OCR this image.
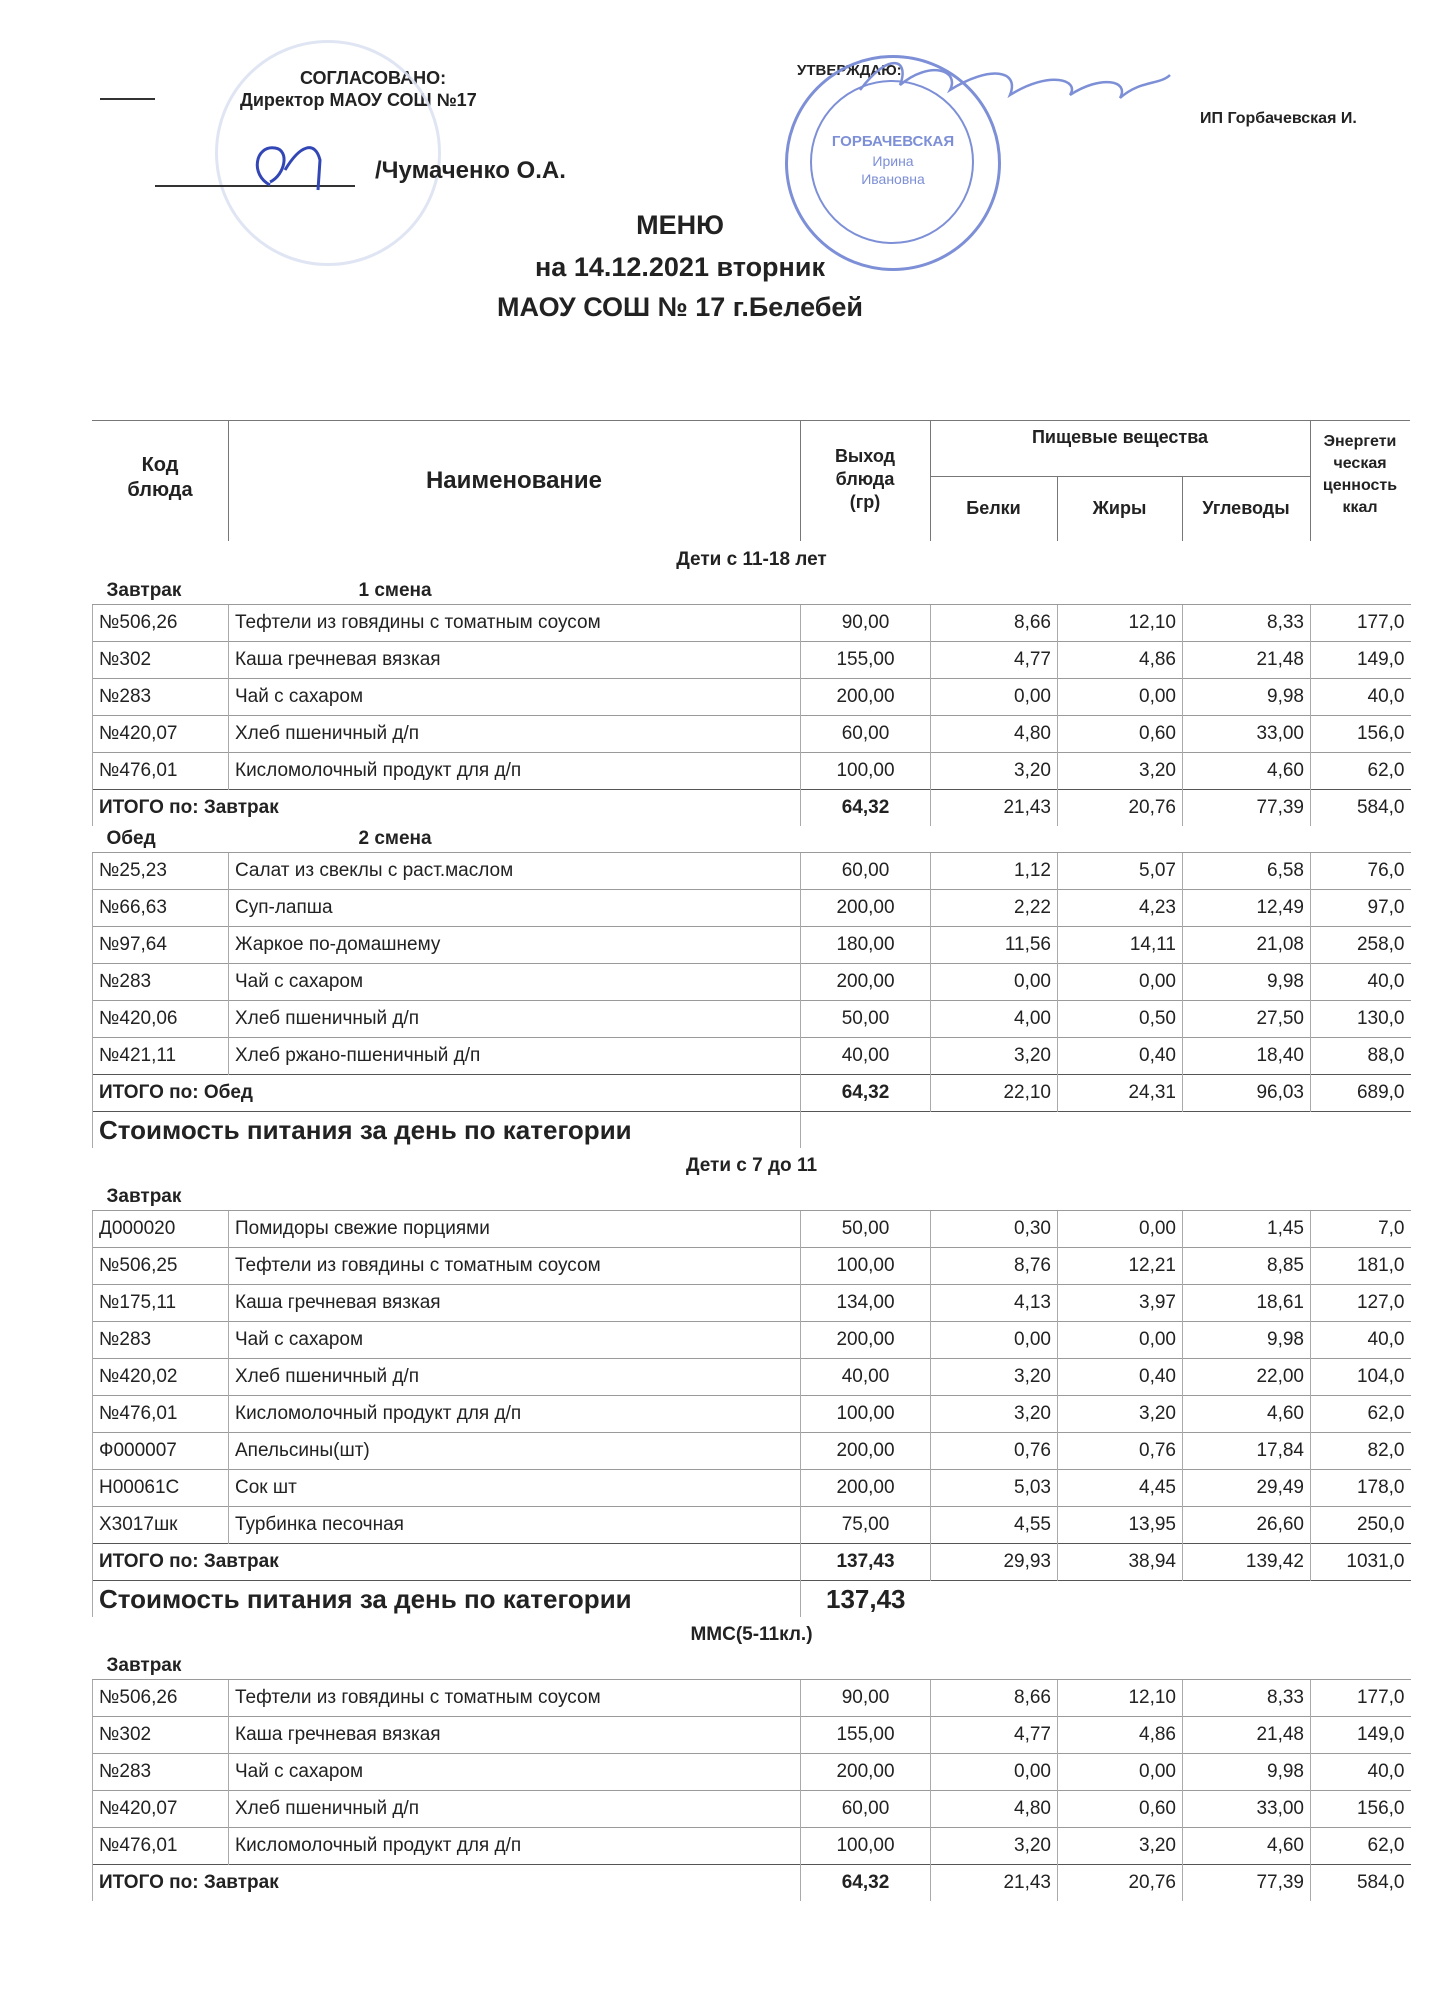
СОГЛАСОВАНО:
Директор МАОУ СОШ №17
/Чумаченко О.А.
УТВЕРЖДАЮ:
ИП Горбачевская И.
ГОРБАЧЕВСКАЯ
Ирина
Ивановна
МЕНЮ
на 14.12.2021 вторник
МАОУ СОШ № 17 г.Белебей
Код
блюда	Наименование
Выход
блюда
(гр)
Пищевые вещества
Белки	Жиры	Углеводы
Энергети
ческая
ценность
ккал
Дети с 11-18 лет						
Завтрак	1 смена					
№506,26	Тефтели из говядины с томатным соусом	90,00	8,66	12,10	8,33	177,0
№302	Каша гречневая вязкая	155,00	4,77	4,86	21,48	149,0
№283	Чай с сахаром	200,00	0,00	0,00	9,98	40,0
№420,07	Хлеб пшеничный д/п	60,00	4,80	0,60	33,00	156,0
№476,01	Кисломолочный продукт для д/п	100,00	3,20	3,20	4,60	62,0
ИТОГО по: Завтрак		64,32	21,43	20,76	77,39	584,0
Обед	2 смена					
№25,23	Салат из свеклы с раст.маслом	60,00	1,12	5,07	6,58	76,0
№66,63	Суп-лапша	200,00	2,22	4,23	12,49	97,0
№97,64	Жаркое по-домашнему	180,00	11,56	14,11	21,08	258,0
№283	Чай с сахаром	200,00	0,00	0,00	9,98	40,0
№420,06	Хлеб пшеничный д/п	50,00	4,00	0,50	27,50	130,0
№421,11	Хлеб ржано-пшеничный д/п	40,00	3,20	0,40	18,40	88,0
ИТОГО по: Обед		64,32	22,10	24,31	96,03	689,0
Стоимость питания за день по категории						
Дети с 7 до 11						
Завтрак						
Д000020	Помидоры свежие порциями	50,00	0,30	0,00	1,45	7,0
№506,25	Тефтели из говядины с томатным соусом	100,00	8,76	12,21	8,85	181,0
№175,11	Каша гречневая вязкая	134,00	4,13	3,97	18,61	127,0
№283	Чай с сахаром	200,00	0,00	0,00	9,98	40,0
№420,02	Хлеб пшеничный д/п	40,00	3,20	0,40	22,00	104,0
№476,01	Кисломолочный продукт для д/п	100,00	3,20	3,20	4,60	62,0
Ф000007	Апельсины(шт)	200,00	0,76	0,76	17,84	82,0
Н00061С	Сок шт	200,00	5,03	4,45	29,49	178,0
Х3017шк	Турбинка песочная	75,00	4,55	13,95	26,60	250,0
ИТОГО по: Завтрак		137,43	29,93	38,94	139,42	1031,0
Стоимость питания за день по категории		137,43				
ММС(5-11кл.)						
Завтрак						
№506,26	Тефтели из говядины с томатным соусом	90,00	8,66	12,10	8,33	177,0
№302	Каша гречневая вязкая	155,00	4,77	4,86	21,48	149,0
№283	Чай с сахаром	200,00	0,00	0,00	9,98	40,0
№420,07	Хлеб пшеничный д/п	60,00	4,80	0,60	33,00	156,0
№476,01	Кисломолочный продукт для д/п	100,00	3,20	3,20	4,60	62,0
ИТОГО по: Завтрак		64,32	21,43	20,76	77,39	584,0
